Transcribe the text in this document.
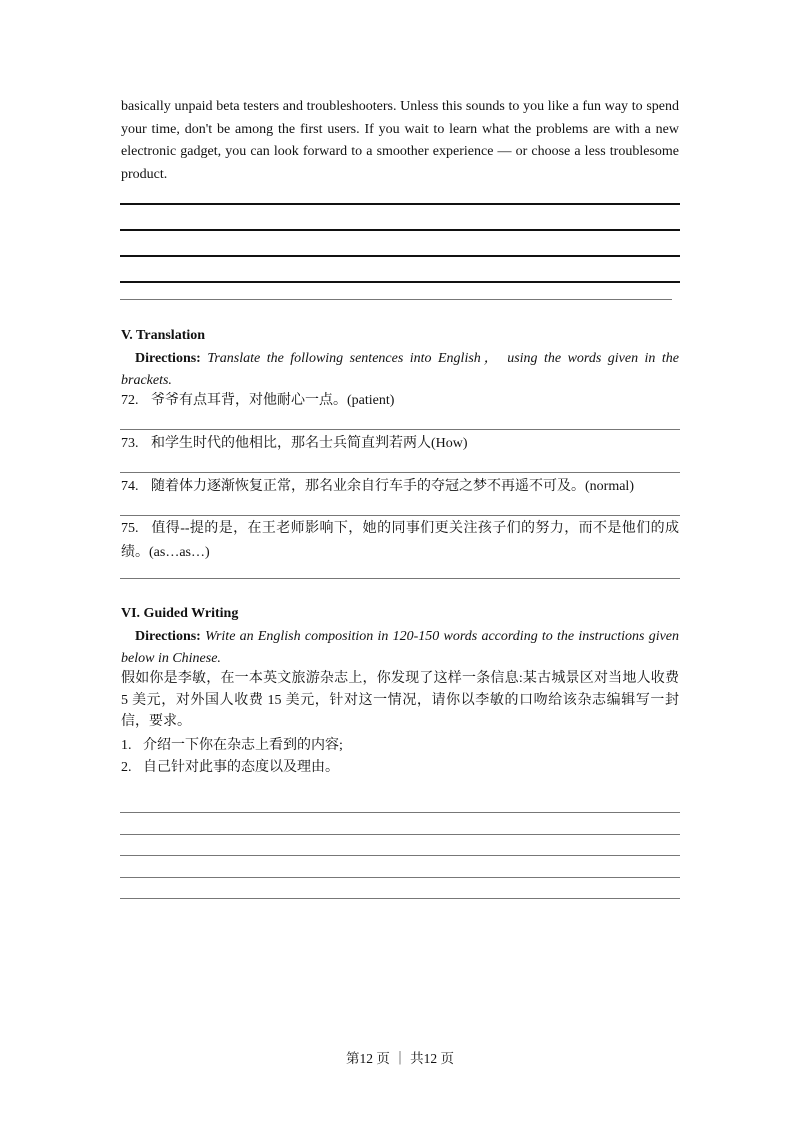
basically unpaid beta testers and troubleshooters. Unless this sounds to you like a fun way to spend your time, don't be among the first users. If you wait to learn what the problems are with a new electronic gadget, you can look forward to a smoother experience — or choose a less troublesome product.
V. Translation
Directions: Translate the following sentences into English， using the words given in the brackets.
72. 爷爷有点耳背，对他耐心一点。(patient)
73. 和学生时代的他相比，那名士兵简直判若两人(How)
74. 随着体力逐渐恢复正常，那名业余自行车手的夺冠之梦不再遥不可及。(normal)
75. 值得--提的是，在王老师影响下，她的同事们更关注孩子们的努力，而不是他们的成绩。(as…as…)
VI. Guided Writing
Directions: Write an English composition in 120-150 words according to the instructions given below in Chinese.
假如你是李敏，在一本英文旅游杂志上，你发现了这样一条信息:某古城景区对当地人收费 5 美元，对外国人收费 15 美元，针对这一情况，请你以李敏的口吻给该杂志编辑写一封信，要求。
1. 介绍一下你在杂志上看到的内容;
2. 自己针对此事的态度以及理由。
第12 页 ｜ 共12 页
